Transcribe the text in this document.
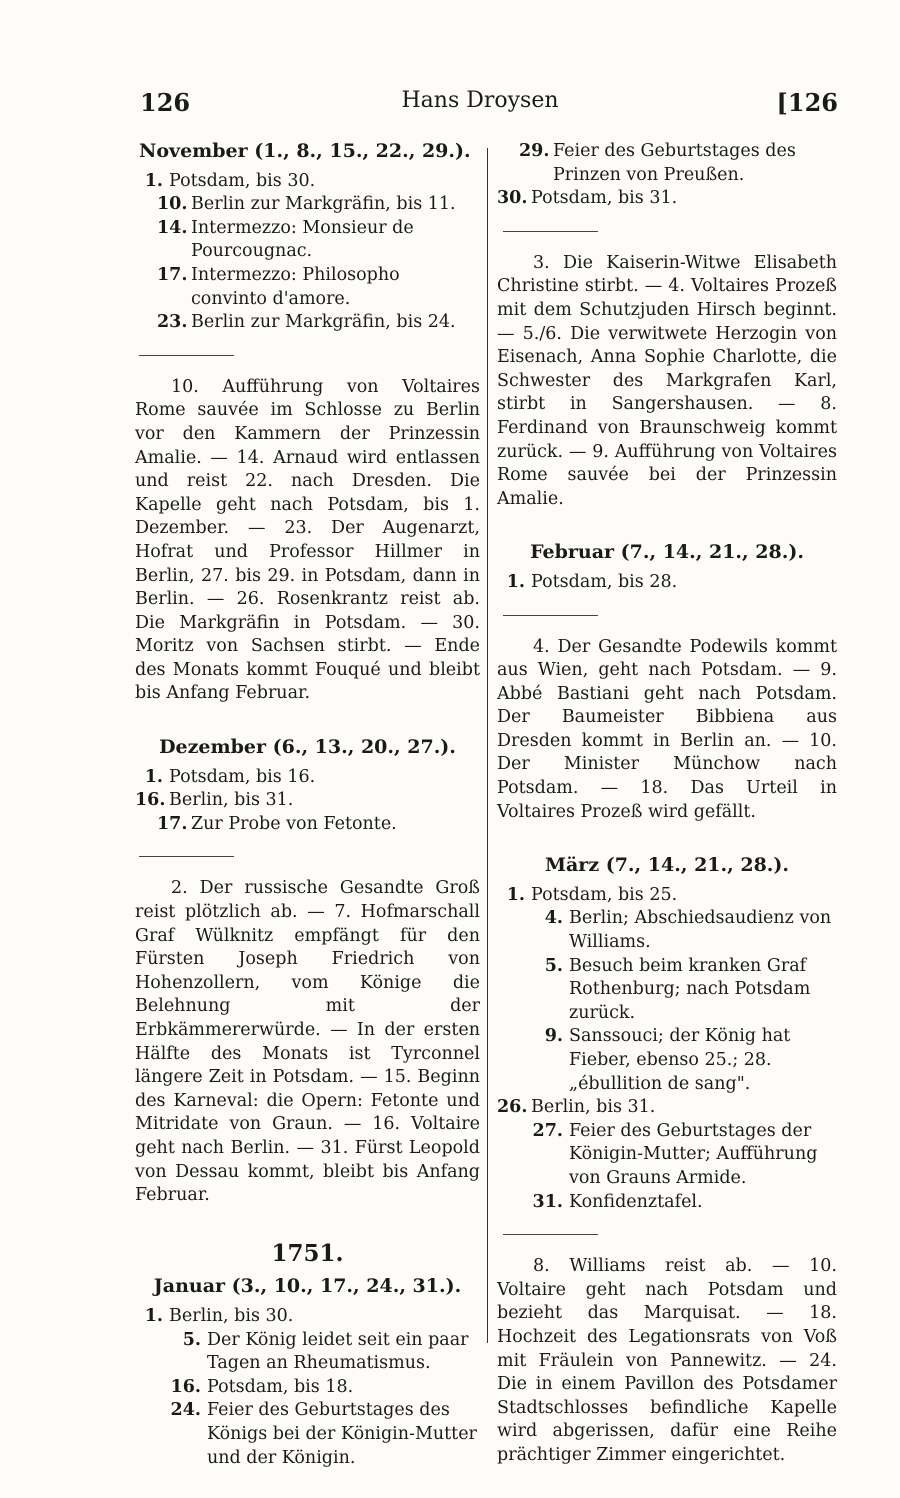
126	Hans Droysen	[126
November (1., 8., 15., 22., 29.).
1. Potsdam, bis 30.
10. Berlin zur Markgräfin, bis 11.
14. Intermezzo: Monsieur de Pourcougnac.
17. Intermezzo: Philosopho convinto d'amore.
23. Berlin zur Markgräfin, bis 24.

10. Aufführung von Voltaires Rome sauvée im Schlosse zu Berlin vor den Kammern der Prinzessin Amalie. — 14. Arnaud wird entlassen und reist 22. nach Dresden. Die Kapelle geht nach Potsdam, bis 1. Dezember. — 23. Der Augenarzt, Hofrat und Professor Hillmer in Berlin, 27. bis 29. in Potsdam, dann in Berlin. — 26. Rosenkrantz reist ab. Die Markgräfin in Potsdam. — 30. Moritz von Sachsen stirbt. — Ende des Monats kommt Fouqué und bleibt bis Anfang Februar.

Dezember (6., 13., 20., 27.).
1. Potsdam, bis 16.
16. Berlin, bis 31.
17. Zur Probe von Fetonte.

2. Der russische Gesandte Groß reist plötzlich ab. — 7. Hofmarschall Graf Wülknitz empfängt für den Fürsten Joseph Friedrich von Hohenzollern, vom Könige die Belehnung mit der Erbkämmererwürde. — In der ersten Hälfte des Monats ist Tyrconnel längere Zeit in Potsdam. — 15. Beginn des Karneval: die Opern: Fetonte und Mitridate von Graun. — 16. Voltaire geht nach Berlin. — 31. Fürst Leopold von Dessau kommt, bleibt bis Anfang Februar.

1751.
Januar (3., 10., 17., 24., 31.).
1. Berlin, bis 30.
5. Der König leidet seit ein paar Tagen an Rheumatismus.
16. Potsdam, bis 18.
24. Feier des Geburtstages des Königs bei der Königin-Mutter und der Königin.
29. Feier des Geburtstages des Prinzen von Preußen.
30. Potsdam, bis 31.

3. Die Kaiserin-Witwe Elisabeth Christine stirbt. — 4. Voltaires Prozeß mit dem Schutzjuden Hirsch beginnt. — 5./6. Die verwitwete Herzogin von Eisenach, Anna Sophie Charlotte, die Schwester des Markgrafen Karl, stirbt in Sangershausen. — 8. Ferdinand von Braunschweig kommt zurück. — 9. Aufführung von Voltaires Rome sauvée bei der Prinzessin Amalie.

Februar (7., 14., 21., 28.).
1. Potsdam, bis 28.

4. Der Gesandte Podewils kommt aus Wien, geht nach Potsdam. — 9. Abbé Bastiani geht nach Potsdam. Der Baumeister Bibbiena aus Dresden kommt in Berlin an. — 10. Der Minister Münchow nach Potsdam. — 18. Das Urteil in Voltaires Prozeß wird gefällt.

März (7., 14., 21., 28.).
1. Potsdam, bis 25.
4. Berlin; Abschiedsaudienz von Williams.
5. Besuch beim kranken Graf Rothenburg; nach Potsdam zurück.
9. Sanssouci; der König hat Fieber, ebenso 25.; 28. „ébullition de sang".
26. Berlin, bis 31.
27. Feier des Geburtstages der Königin-Mutter; Aufführung von Grauns Armide.
31. Konfidenztafel.

8. Williams reist ab. — 10. Voltaire geht nach Potsdam und bezieht das Marquisat. — 18. Hochzeit des Legationsrats von Voß mit Fräulein von Pannewitz. — 24. Die in einem Pavillon des Potsdamer Stadtschlosses befindliche Kapelle wird abgerissen, dafür eine Reihe prächtiger Zimmer eingerichtet.
